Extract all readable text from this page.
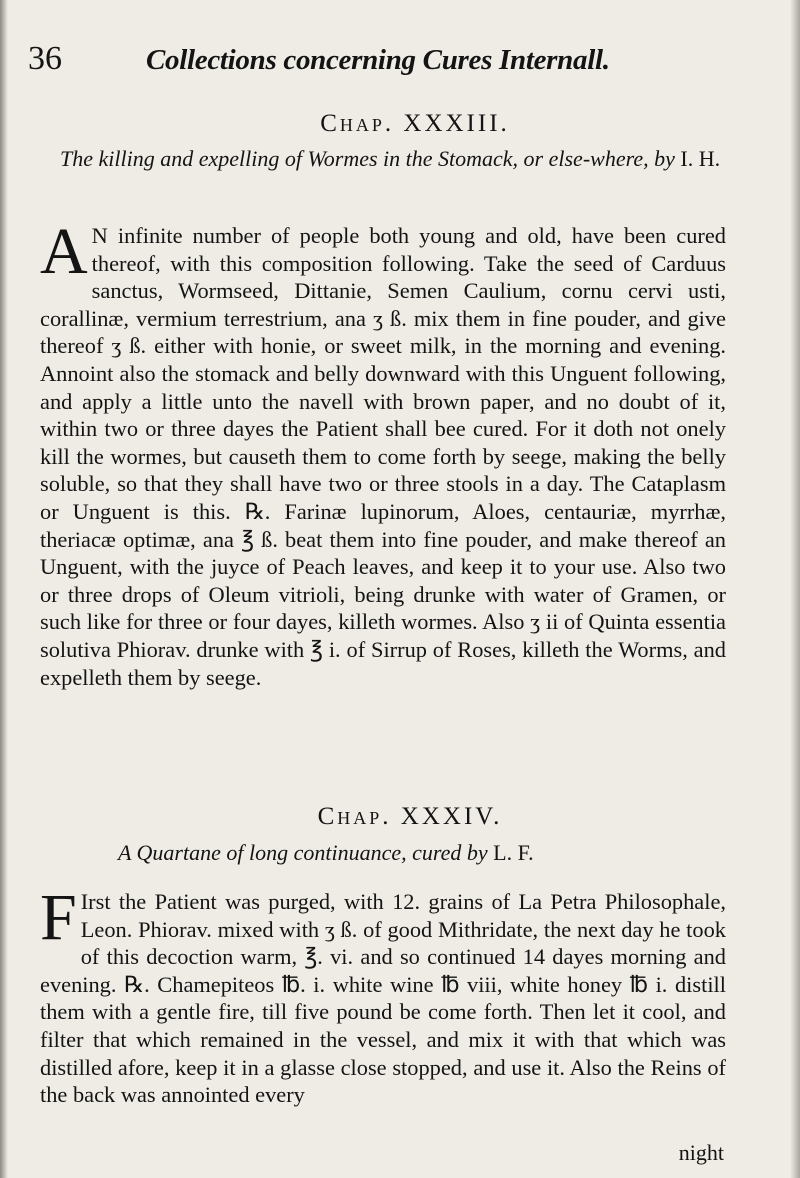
36	Collections concerning Cures Internall.
Chap. XXXIII.
The killing and expelling of Wormes in the Stomack, or else-where, by I. H.
A N infinite number of people both young and old, have been cured thereof, with this composition following. Take the seed of Carduus sanctus, Wormseed, Dittanie, Semen Caulium, cornu cervi usti, corallinæ, vermium terrestrium, ana ʒ ß. mix them in fine pouder, and give thereof ʒ ß. either with honie, or sweet milk, in the morning and evening. Annoint also the stomack and belly downward with this Unguent following, and apply a little unto the navell with brown paper, and no doubt of it, within two or three dayes the Patient shall bee cured. For it doth not onely kill the wormes, but causeth them to come forth by seege, making the belly soluble, so that they shall have two or three stools in a day. The Cataplasm or Unguent is this. ℞. Farinæ lupinorum, Aloes, centauriæ, myrrhæ, theriacæ optimæ, ana ℥ ß. beat them into fine pouder, and make thereof an Unguent, with the juyce of Peach leaves, and keep it to your use. Also two or three drops of Oleum vitrioli, being drunke with water of Gramen, or such like for three or four dayes, killeth wormes. Also ʒ ii of Quinta essentia solutiva Phiorav. drunke with ℥ i. of Sirrup of Roses, killeth the Worms, and expelleth them by seege.
Chap. XXXIV.
A Quartane of long continuance, cured by L. F.
F Irst the Patient was purged, with 12. grains of La Petra Philosophale, Leon. Phiorav. mixed with ʒ ß. of good Mithridate, the next day he took of this decoction warm, ℥. vi. and so continued 14 dayes morning and evening. ℞. Chamepiteos ℔. i. white wine ℔ viii, white honey ℔ i. distill them with a gentle fire, till five pound be come forth. Then let it cool, and filter that which remained in the vessel, and mix it with that which was distilled afore, keep it in a glasse close stopped, and use it. Also the Reins of the back was annointed every
night
